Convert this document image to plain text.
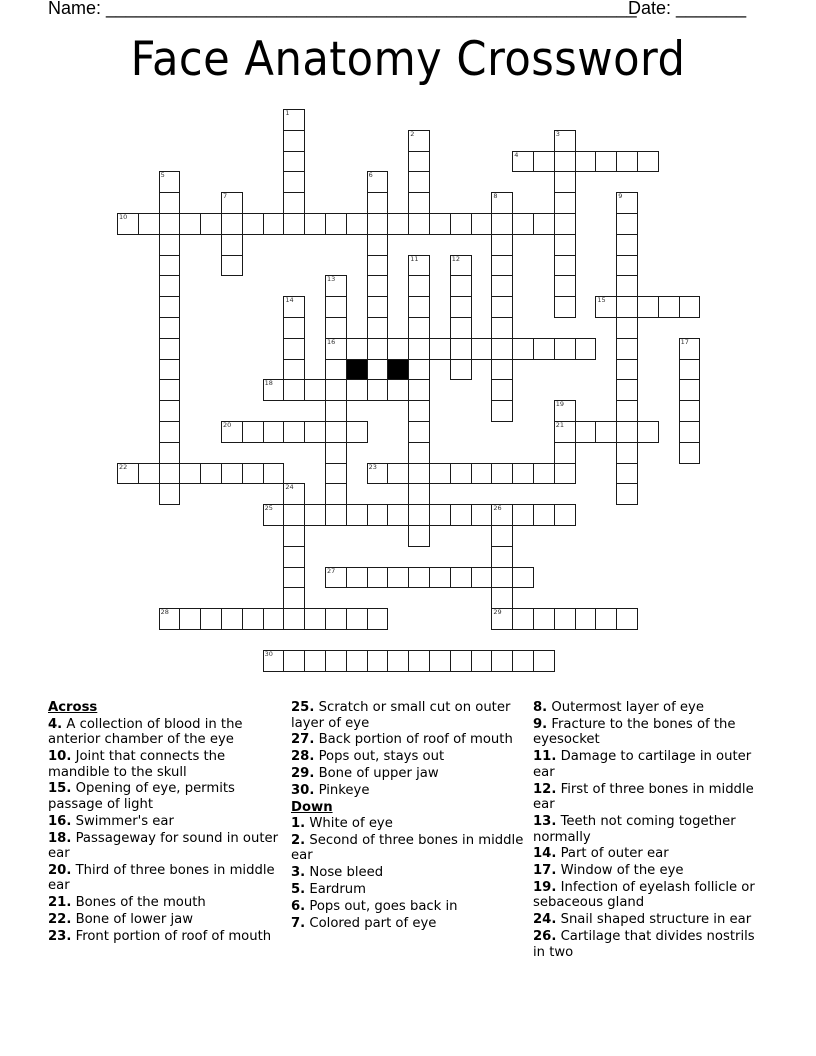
Name: _____________________________________________________
Date: _______
Face Anatomy Crossword
1
2	3
4
5	6
7	8	9
10
11	12
13
16
14	15
17
18
19
21
20
22	23
24
25	26
29
27
28
30
Across
4. A collection of blood in the anterior chamber of the eye
10. Joint that connects the mandible to the skull
15. Opening of eye, permits passage of light
16. Swimmer's ear
18. Passageway for sound in outer ear
20. Third of three bones in middle ear
21. Bones of the mouth
22. Bone of lower jaw
23. Front portion of roof of mouth
25. Scratch or small cut on outer layer of eye
27. Back portion of roof of mouth
28. Pops out, stays out
29. Bone of upper jaw
30. Pinkeye
Down
1. White of eye
2. Second of three bones in middle ear
3. Nose bleed
5. Eardrum
6. Pops out, goes back in
7. Colored part of eye
8. Outermost layer of eye
9. Fracture to the bones of the eyesocket
11. Damage to cartilage in outer ear
12. First of three bones in middle ear
13. Teeth not coming together normally
14. Part of outer ear
17. Window of the eye
19. Infection of eyelash follicle or sebaceous gland
24. Snail shaped structure in ear
26. Cartilage that divides nostrils in two
